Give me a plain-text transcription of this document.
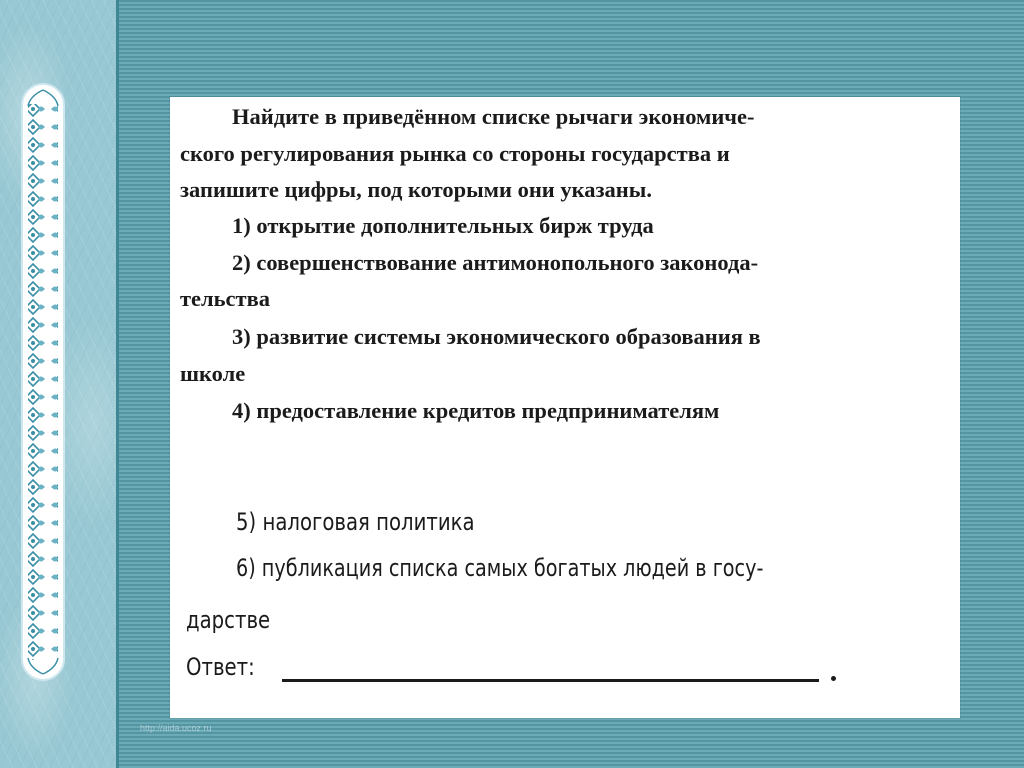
Найдите в приведённом списке рычаги экономиче-
ского регулирования рынка со стороны государства и
запишите цифры, под которыми они указаны.
1) открытие дополнительных бирж труда
2) совершенствование антимонопольного законода-
тельства
3) развитие системы экономического образования в
школе
4) предоставление кредитов предпринимателям
5) налоговая политика
6) публикация списка самых богатых людей в госу-
дарстве
Ответ:
http://aida.ucoz.ru
